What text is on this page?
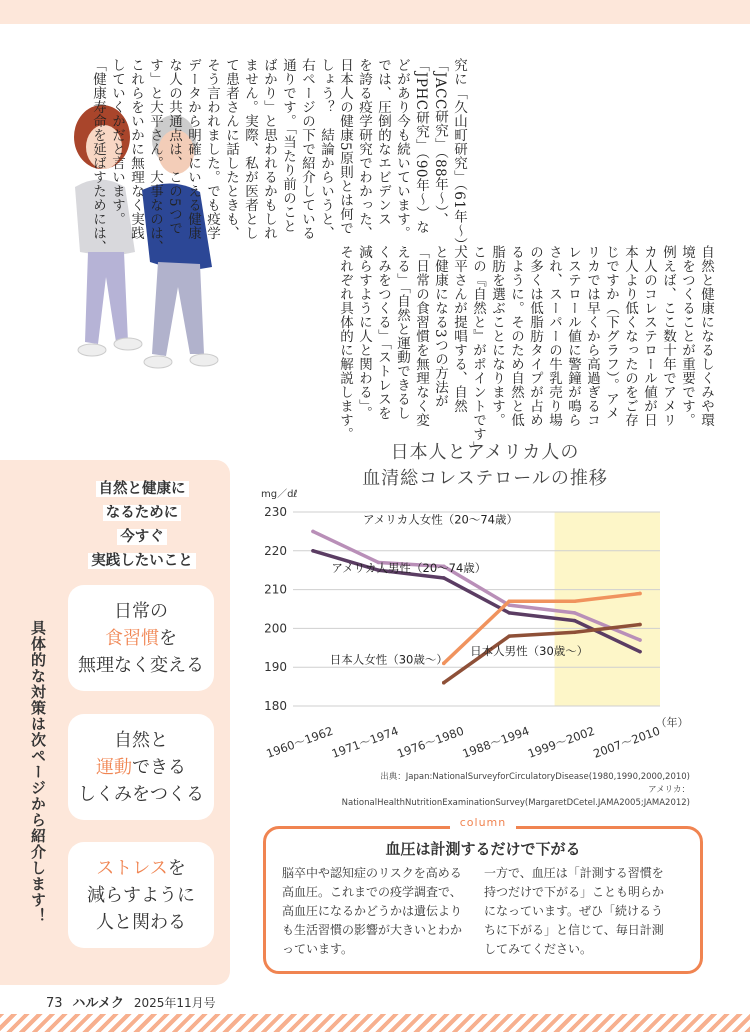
究に「久山町研究」（61年〜）、
「JACC研究」（88年〜）、
「JPHC研究」（90年〜）な
どがあり今も続いています。
では、圧倒的なエビデンス
を誇る疫学研究でわかった、
日本人の健康5原則とは何で
しょう？　結論からいうと、
右ページの下で紹介している
通りです。「当たり前のこと
ばかり」と思われるかもしれ
ません。実際、私が医者とし
て患者さんに話したときも、
そう言われました。でも疫学
データから明確にいえる健康
な人の共通点は、この5つで
す」と大平さん。大事なのは、
これらをいかに無理なく実践
していくかだと言います。
「健康寿命を延ばすためには、
自然と健康になるしくみや環
境をつくることが重要です。
例えば、ここ数十年でアメリ
カ人のコレステロール値が日
本人より低くなったのをご存
じですか（下グラフ）。アメ
リカでは早くから高過ぎるコ
レステロール値に警鐘が鳴ら
され、スーパーの牛乳売り場
の多くは低脂肪タイプが占め
るように。そのため自然と低
脂肪を選ぶことになります。
この『自然と』がポイントです」
大平さんが提唱する、自然
と健康になる3つの方法が
「日常の食習慣を無理なく変
える」「自然と運動できるし
くみをつくる」「ストレスを
減らすように人と関わる」。
それぞれ具体的に解説します。
自然と健康に
なるために
今すぐ
実践したいこと
日常の
食習慣を
無理なく変える
自然と
運動できる
しくみをつくる
ストレスを
減らすように
人と関わる
具体的な対策は次ページから紹介します！
日本人とアメリカ人の
血清総コレステロールの推移
180
190
200
210
220
230
mg／dℓ
1960～1962
1971～1974
1976～1980
1988～1994
1999～2002
2007～2010
（年）
アメリカ人女性（20～74歳）
アメリカ人男性（20～74歳）
日本人女性（30歳～）
日本人男性（30歳～）
出典：Japan:NationalSurveyforCirculatoryDisease(1980,1990,2000,2010)
アメリカ：NationalHealthNutritionExaminationSurvey(MargaretDCetel.JAMA2005;JAMA2012)
column
血圧は計測するだけで下がる
脳卒中や認知症のリスクを高める高血圧。これまでの疫学調査で、高血圧になるかどうかは遺伝よりも生活習慣の影響が大きいとわかっています。
一方で、血圧は「計測する習慣を持つだけで下がる」ことも明らかになっています。ぜひ「続けるうちに下がる」と信じて、毎日計測してみてください。
73 ハルメク 2025年11月号
